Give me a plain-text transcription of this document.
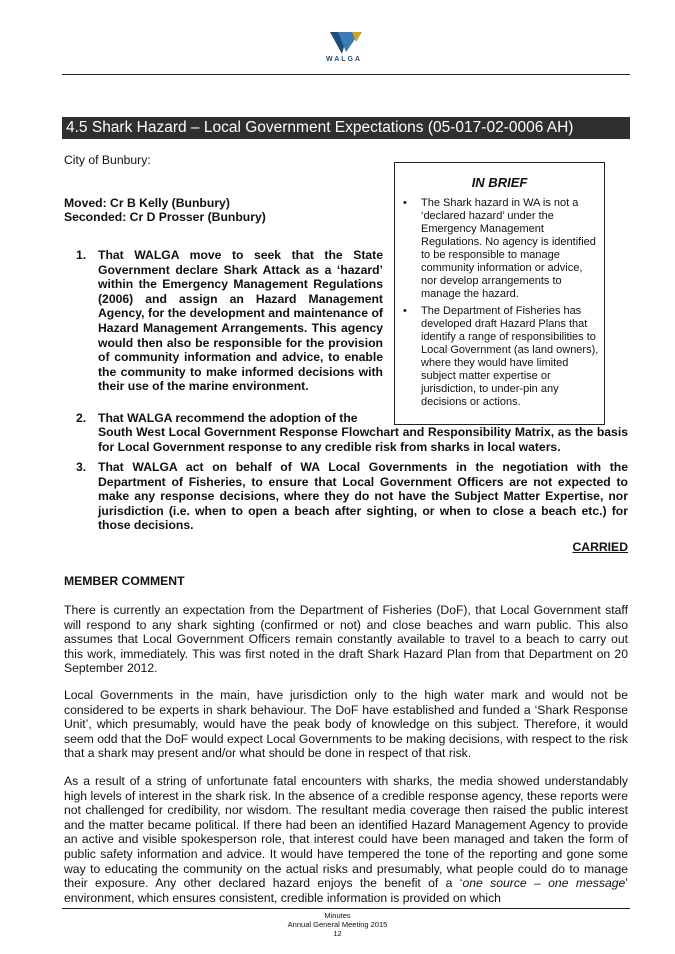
WALGA
4.5 Shark Hazard – Local Government Expectations (05-017-02-0006 AH)
City of Bunbury:
Moved: Cr B Kelly (Bunbury)
Seconded: Cr D Prosser (Bunbury)
1. That WALGA move to seek that the State Government declare Shark Attack as a ‘hazard’ within the Emergency Management Regulations (2006) and assign an Hazard Management Agency, for the development and maintenance of Hazard Management Arrangements. This agency would then also be responsible for the provision of community information and advice, to enable the community to make informed decisions with their use of the marine environment.
2. That WALGA recommend the adoption of the
South West Local Government Response Flowchart and Responsibility Matrix, as the basis for Local Government response to any credible risk from sharks in local waters.
3. That WALGA act on behalf of WA Local Governments in the negotiation with the Department of Fisheries, to ensure that Local Government Officers are not expected to make any response decisions, where they do not have the Subject Matter Expertise, nor jurisdiction (i.e. when to open a beach after sighting, or when to close a beach etc.) for those decisions.
IN BRIEF
• The Shark hazard in WA is not a ‘declared hazard’ under the Emergency Management Regulations. No agency is identified to be responsible to manage community information or advice, nor develop arrangements to manage the hazard.
• The Department of Fisheries has developed draft Hazard Plans that identify a range of responsibilities to Local Government (as land owners), where they would have limited subject matter expertise or jurisdiction, to under-pin any decisions or actions.
CARRIED
MEMBER COMMENT
There is currently an expectation from the Department of Fisheries (DoF), that Local Government staff will respond to any shark sighting (confirmed or not) and close beaches and warn public. This also assumes that Local Government Officers remain constantly available to travel to a beach to carry out this work, immediately. This was first noted in the draft Shark Hazard Plan from that Department on 20 September 2012.
Local Governments in the main, have jurisdiction only to the high water mark and would not be considered to be experts in shark behaviour. The DoF have established and funded a ‘Shark Response Unit’, which presumably, would have the peak body of knowledge on this subject. Therefore, it would seem odd that the DoF would expect Local Governments to be making decisions, with respect to the risk that a shark may present and/or what should be done in respect of that risk.
As a result of a string of unfortunate fatal encounters with sharks, the media showed understandably high levels of interest in the shark risk. In the absence of a credible response agency, these reports were not challenged for credibility, nor wisdom. The resultant media coverage then raised the public interest and the matter became political. If there had been an identified Hazard Management Agency to provide an active and visible spokesperson role, that interest could have been managed and taken the form of public safety information and advice. It would have tempered the tone of the reporting and gone some way to educating the community on the actual risks and presumably, what people could do to manage their exposure. Any other declared hazard enjoys the benefit of a ‘one source – one message’ environment, which ensures consistent, credible information is provided on which
Minutes
Annual General Meeting 2015
12
